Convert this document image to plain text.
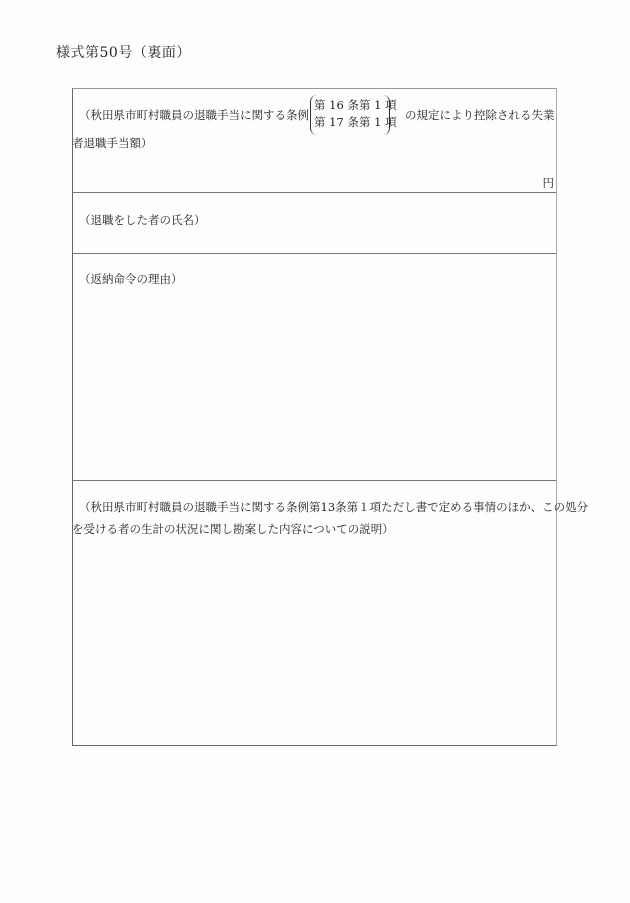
様式第50号（裏面）
（秋田県市町村職員の退職手当に関する条例
第 16 条第 1 項
第 17 条第 1 項 の規定により控除される失業
者退職手当額）
円
（退職をした者の氏名）
（返納命令の理由）
（秋田県市町村職員の退職手当に関する条例第13条第１項ただし書で定める事情のほか、この処分
を受ける者の生計の状況に関し勘案した内容についての説明）
